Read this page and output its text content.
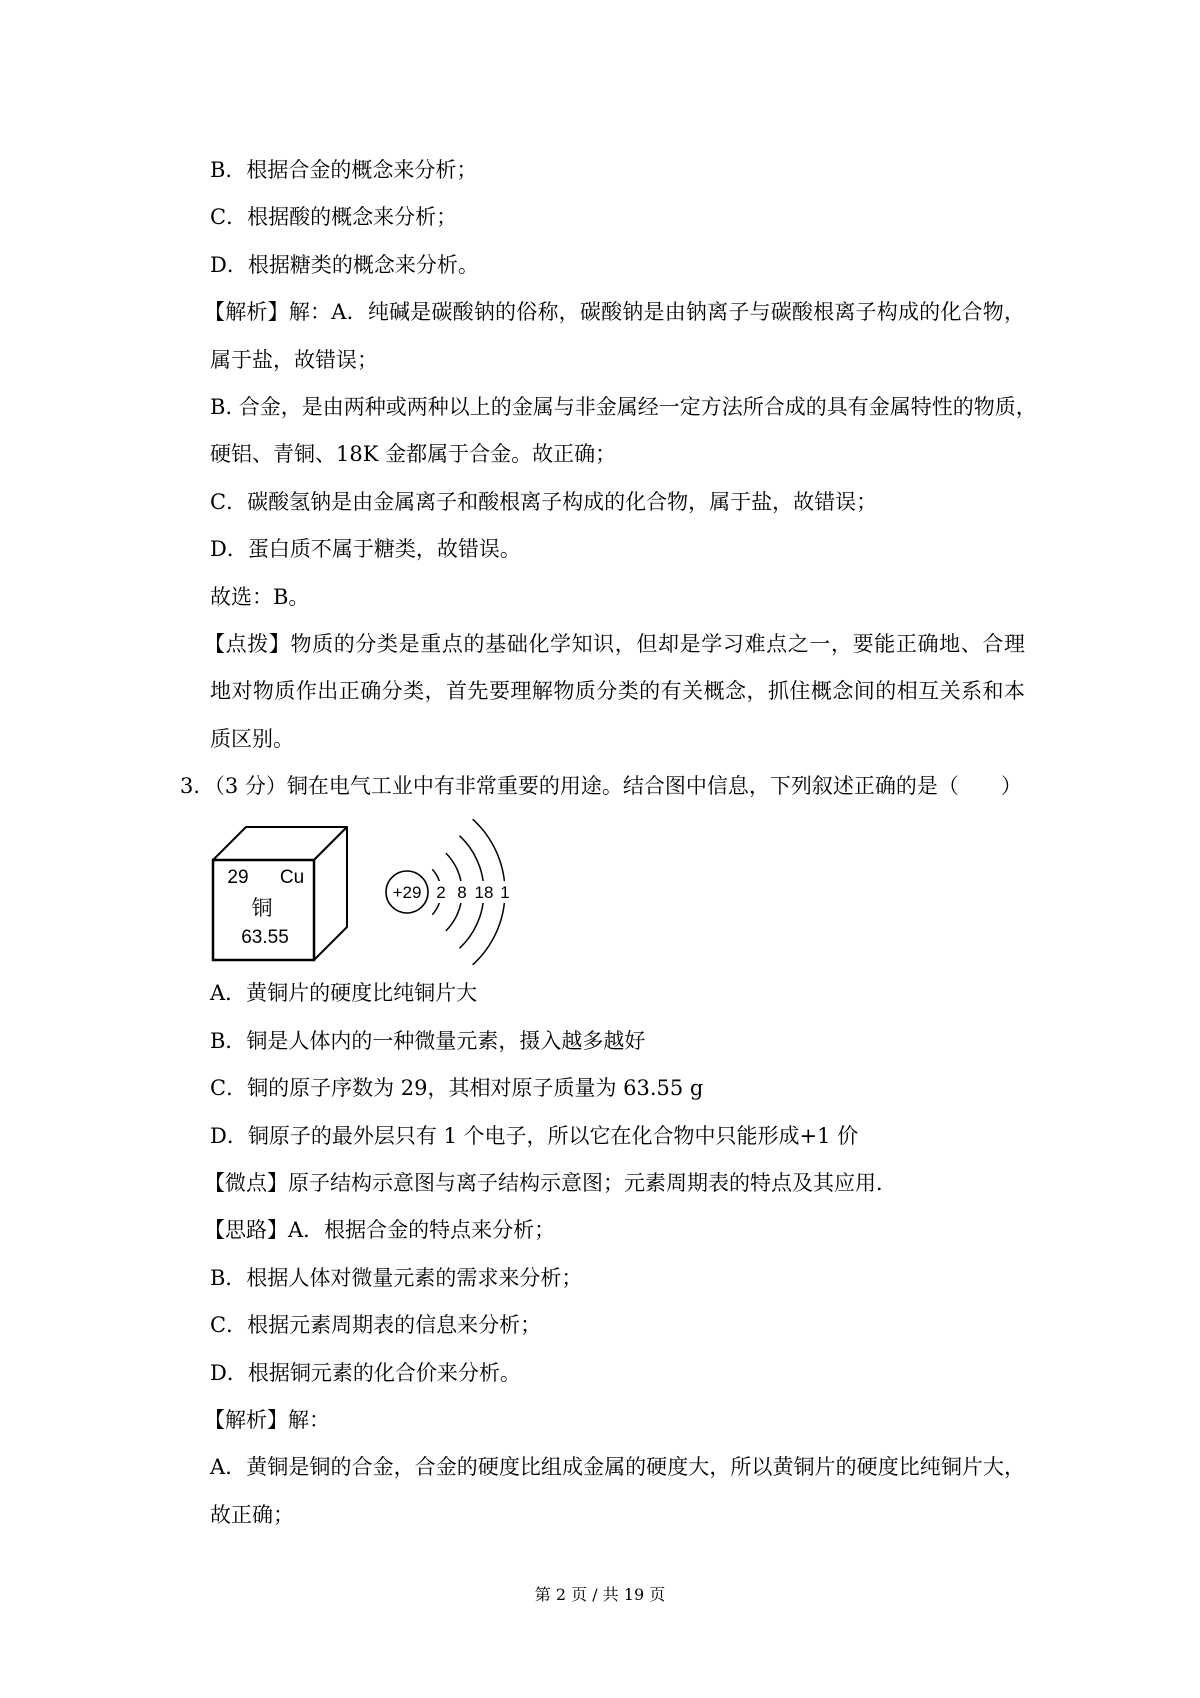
B．根据合金的概念来分析；
C．根据酸的概念来分析；
D．根据糖类的概念来分析。
【解析】解：A．纯碱是碳酸钠的俗称，碳酸钠是由钠离子与碳酸根离子构成的化合物，
属于盐，故错误；
B. 合金，是由两种或两种以上的金属与非金属经一定方法所合成的具有金属特性的物质，
硬铝、青铜、18K 金都属于合金。故正确；
C．碳酸氢钠是由金属离子和酸根离子构成的化合物，属于盐，故错误；
D．蛋白质不属于糖类，故错误。
故选：B。
【点拨】物质的分类是重点的基础化学知识，但却是学习难点之一，要能正确地、合理
地对物质作出正确分类，首先要理解物质分类的有关概念，抓住概念间的相互关系和本
质区别。
3．（3 分）铜在电气工业中有非常重要的用途。结合图中信息，下列叙述正确的是（　　）
29 Cu
铜
63.55
+29 2 8 18 1
A．黄铜片的硬度比纯铜片大
B．铜是人体内的一种微量元素，摄入越多越好
C．铜的原子序数为 29，其相对原子质量为 63.55 g
D．铜原子的最外层只有 1 个电子，所以它在化合物中只能形成+1 价
【微点】原子结构示意图与离子结构示意图；元素周期表的特点及其应用．
【思路】A．根据合金的特点来分析；
B．根据人体对微量元素的需求来分析；
C．根据元素周期表的信息来分析；
D．根据铜元素的化合价来分析。
【解析】解：
A．黄铜是铜的合金，合金的硬度比组成金属的硬度大，所以黄铜片的硬度比纯铜片大，
故正确；
第 2 页 / 共 19 页
